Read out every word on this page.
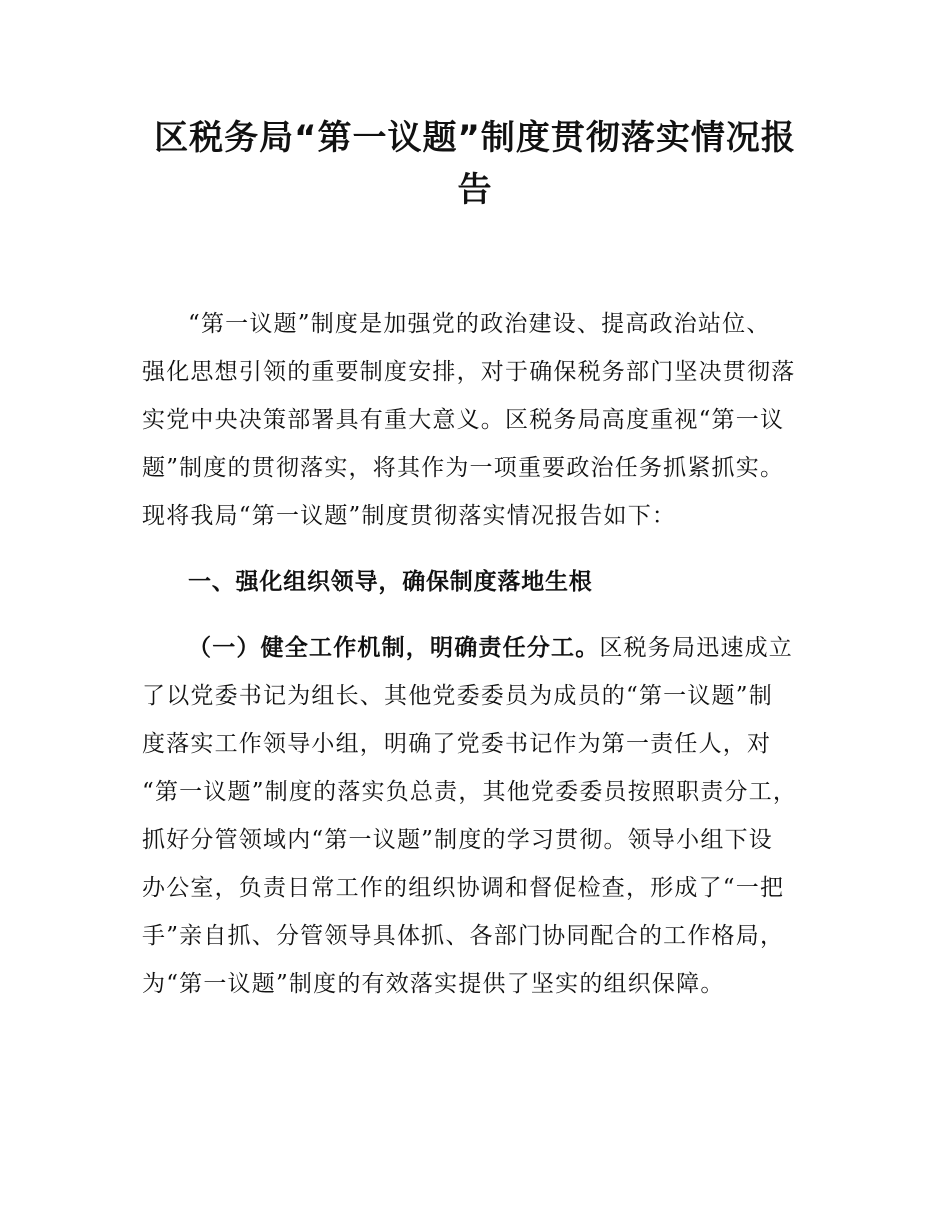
区税务局“第一议题”制度贯彻落实情况报
告
“第一议题”制度是加强党的政治建设、提高政治站位、
强化思想引领的重要制度安排，对于确保税务部门坚决贯彻落
实党中央决策部署具有重大意义。区税务局高度重视“第一议
题”制度的贯彻落实，将其作为一项重要政治任务抓紧抓实。
现将我局“第一议题”制度贯彻落实情况报告如下：
一、强化组织领导，确保制度落地生根
（一）健全工作机制，明确责任分工。区税务局迅速成立
了以党委书记为组长、其他党委委员为成员的“第一议题”制
度落实工作领导小组，明确了党委书记作为第一责任人，对
“第一议题”制度的落实负总责，其他党委委员按照职责分工，
抓好分管领域内“第一议题”制度的学习贯彻。领导小组下设
办公室，负责日常工作的组织协调和督促检查，形成了“一把
手”亲自抓、分管领导具体抓、各部门协同配合的工作格局，
为“第一议题”制度的有效落实提供了坚实的组织保障。
